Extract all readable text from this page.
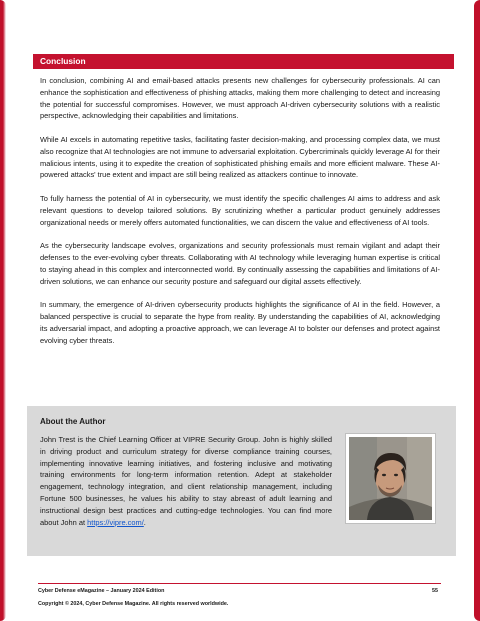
Conclusion

In conclusion, combining AI and email-based attacks presents new challenges for cybersecurity professionals. AI can enhance the sophistication and effectiveness of phishing attacks, making them more challenging to detect and increasing the potential for successful compromises. However, we must approach AI-driven cybersecurity solutions with a realistic perspective, acknowledging their capabilities and limitations.

While AI excels in automating repetitive tasks, facilitating faster decision-making, and processing complex data, we must also recognize that AI technologies are not immune to adversarial exploitation. Cybercriminals quickly leverage AI for their malicious intents, using it to expedite the creation of sophisticated phishing emails and more efficient malware. These AI-powered attacks' true extent and impact are still being realized as attackers continue to innovate.

To fully harness the potential of AI in cybersecurity, we must identify the specific challenges AI aims to address and ask relevant questions to develop tailored solutions. By scrutinizing whether a particular product genuinely addresses organizational needs or merely offers automated functionalities, we can discern the value and effectiveness of AI tools.

As the cybersecurity landscape evolves, organizations and security professionals must remain vigilant and adapt their defenses to the ever-evolving cyber threats. Collaborating with AI technology while leveraging human expertise is critical to staying ahead in this complex and interconnected world. By continually assessing the capabilities and limitations of AI-driven solutions, we can enhance our security posture and safeguard our digital assets effectively.

In summary, the emergence of AI-driven cybersecurity products highlights the significance of AI in the field. However, a balanced perspective is crucial to separate the hype from reality. By understanding the capabilities of AI, acknowledging its adversarial impact, and adopting a proactive approach, we can leverage AI to bolster our defenses and protect against evolving cyber threats.

About the Author

John Trest is the Chief Learning Officer at VIPRE Security Group. John is highly skilled in driving product and curriculum strategy for diverse compliance training courses, implementing innovative learning initiatives, and fostering inclusive and motivating training environments for long-term information retention. Adept at stakeholder engagement, technology integration, and client relationship management, including Fortune 500 businesses, he values his ability to stay abreast of adult learning and instructional design best practices and cutting-edge technologies. You can find more about John at https://vipre.com/.

Cyber Defense eMagazine – January 2024 Edition	55
Copyright © 2024, Cyber Defense Magazine. All rights reserved worldwide.
